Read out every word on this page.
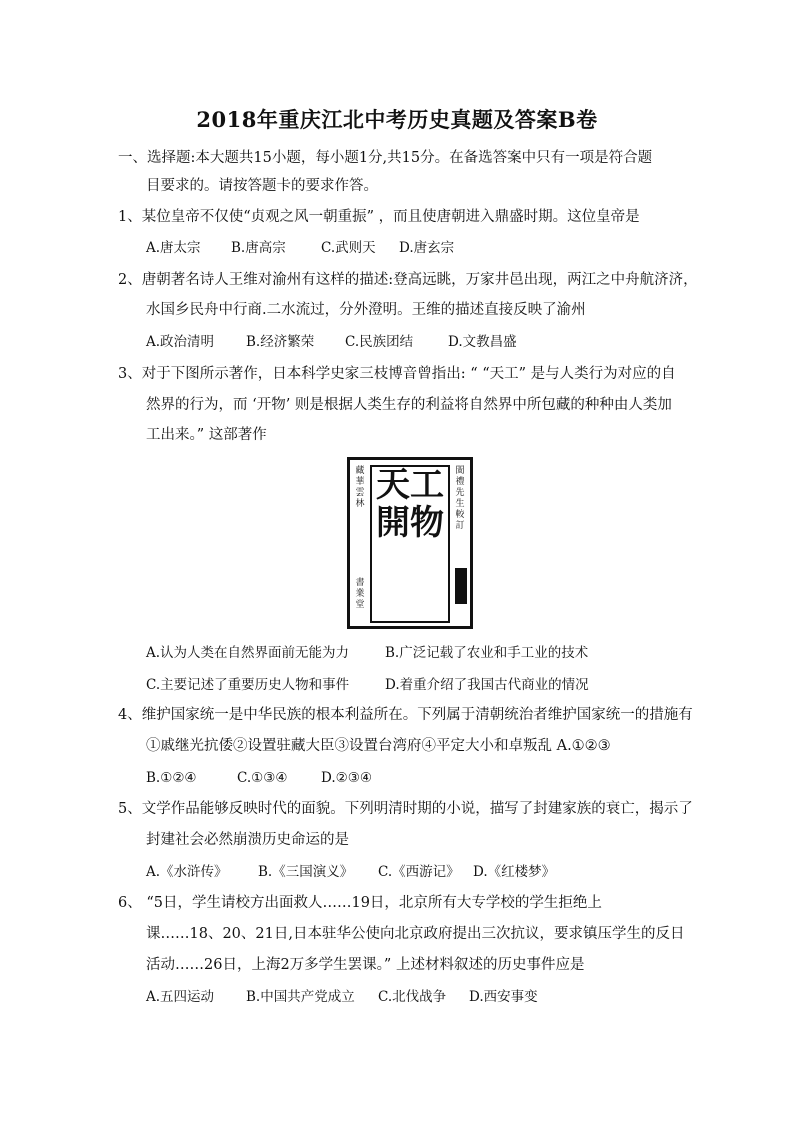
2018年重庆江北中考历史真题及答案B卷
一、选择题:本大题共15小题，每小题1分,共15分。在备选答案中只有一项是符合题
目要求的。请按答题卡的要求作答。
1、某位皇帝不仅使“贞观之风一朝重振” ，而且使唐朝进入鼎盛时期。这位皇帝是
A.唐太宗 B.唐高宗	C.武则天 D.唐玄宗
2、唐朝著名诗人王维对渝州有这样的描述:登高远眺，万家井邑出现，两江之中舟航济济，
水国乡民舟中行商.二水流过，分外澄明。王维的描述直接反映了渝州
A.政治清明 B.经济繁荣 C.民族团结	D.文教昌盛
3、对于下图所示著作，日本科学史家三枝博音曾指出: “ “天工” 是与人类行为对应的自
然界的行为，而 ‘开物’ 则是根据人类生存的利益将自然界中所包藏的种种由人类加
工出来。” 这部著作
天工
開物
閩禮先生較訂
藏華雲林
書業堂
A.认为人类在自然界面前无能为力	B.广泛记载了农业和手工业的技术
C.主要记述了重要历史人物和事件	D.着重介绍了我国古代商业的情况
4、维护国家统一是中华民族的根本利益所在。下列属于清朝统治者维护国家统一的措施有
①戚继光抗倭②设置驻藏大臣③设置台湾府④平定大小和卓叛乱 A.①②③
B.①②④	C.①③④ D.②③④
5、文学作品能够反映时代的面貌。下列明清时期的小说，描写了封建家族的衰亡，揭示了
封建社会必然崩溃历史命运的是
A.《水浒传》 B.《三国演义》 C.《西游记》 D.《红楼梦》
6、 “5日，学生请校方出面救人……19日，北京所有大专学校的学生拒绝上
课……18、20、21日,日本驻华公使向北京政府提出三次抗议，要求镇压学生的反日
活动……26日，上海2万多学生罢课。” 上述材料叙述的历史事件应是
A.五四运动 B.中国共产党成立 C.北伐战争 D.西安事变
